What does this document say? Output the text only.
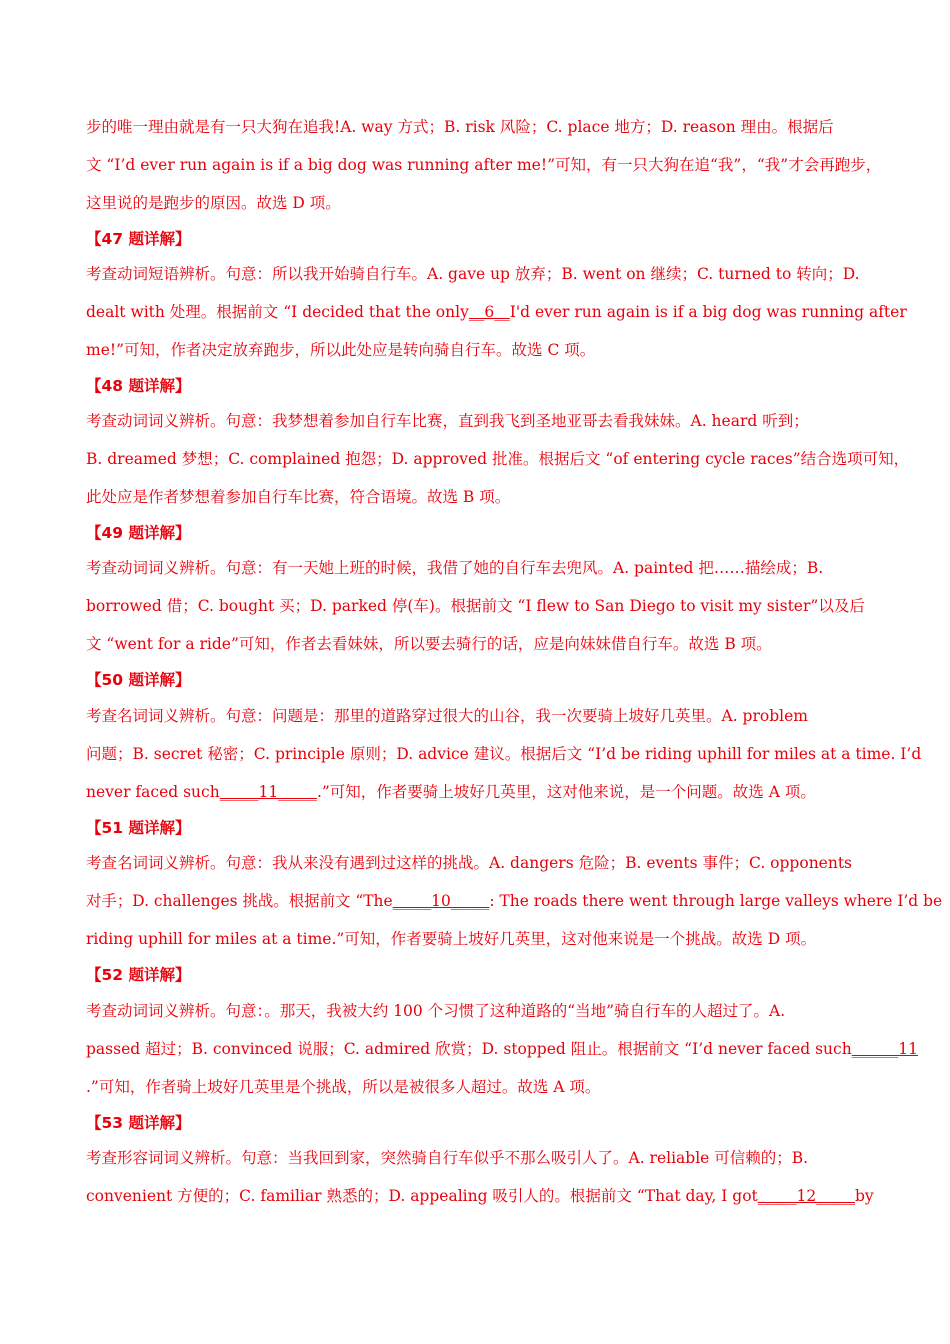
步的唯一理由就是有一只大狗在追我!A. way 方式；B. risk 风险；C. place 地方；D. reason 理由。根据后
文 “I’d ever run again is if a big dog was running after me!”可知，有一只大狗在追“我”，“我”才会再跑步，
这里说的是跑步的原因。故选 D 项。
【47 题详解】
考查动词短语辨析。句意：所以我开始骑自行车。A. gave up 放弃；B. went on 继续；C. turned to 转向；D.
dealt with 处理。根据前文 “I decided that the only__6__I'd ever run again is if a big dog was running after
me!”可知，作者决定放弃跑步，所以此处应是转向骑自行车。故选 C 项。
【48 题详解】
考查动词词义辨析。句意：我梦想着参加自行车比赛，直到我飞到圣地亚哥去看我妹妹。A. heard 听到；
B. dreamed 梦想；C. complained 抱怨；D. approved 批准。根据后文 “of entering cycle races”结合选项可知，
此处应是作者梦想着参加自行车比赛，符合语境。故选 B 项。
【49 题详解】
考查动词词义辨析。句意：有一天她上班的时候，我借了她的自行车去兜风。A. painted 把……描绘成；B.
borrowed 借；C. bought 买；D. parked 停(车)。根据前文 “I flew to San Diego to visit my sister”以及后
文 “went for a ride”可知，作者去看妹妹，所以要去骑行的话，应是向妹妹借自行车。故选 B 项。
【50 题详解】
考查名词词义辨析。句意：问题是：那里的道路穿过很大的山谷，我一次要骑上坡好几英里。A. problem
问题；B. secret 秘密；C. principle 原则；D. advice 建议。根据后文 “I’d be riding uphill for miles at a time. I’d
never faced such_____11_____.”可知，作者要骑上坡好几英里，这对他来说，是一个问题。故选 A 项。
【51 题详解】
考查名词词义辨析。句意：我从来没有遇到过这样的挑战。A. dangers 危险；B. events 事件；C. opponents
对手；D. challenges 挑战。根据前文 “The_____10_____: The roads there went through large valleys where I’d be
riding uphill for miles at a time.”可知，作者要骑上坡好几英里，这对他来说是一个挑战。故选 D 项。
【52 题详解】
考查动词词义辨析。句意：。那天，我被大约 100 个习惯了这种道路的“当地”骑自行车的人超过了。A.
passed 超过；B. convinced 说服；C. admired 欣赏；D. stopped 阻止。根据前文 “I’d never faced such______11
.”可知，作者骑上坡好几英里是个挑战，所以是被很多人超过。故选 A 项。
【53 题详解】
考查形容词词义辨析。句意：当我回到家，突然骑自行车似乎不那么吸引人了。A. reliable 可信赖的；B.
convenient 方便的；C. familiar 熟悉的；D. appealing 吸引人的。根据前文 “That day, I got_____12_____by
